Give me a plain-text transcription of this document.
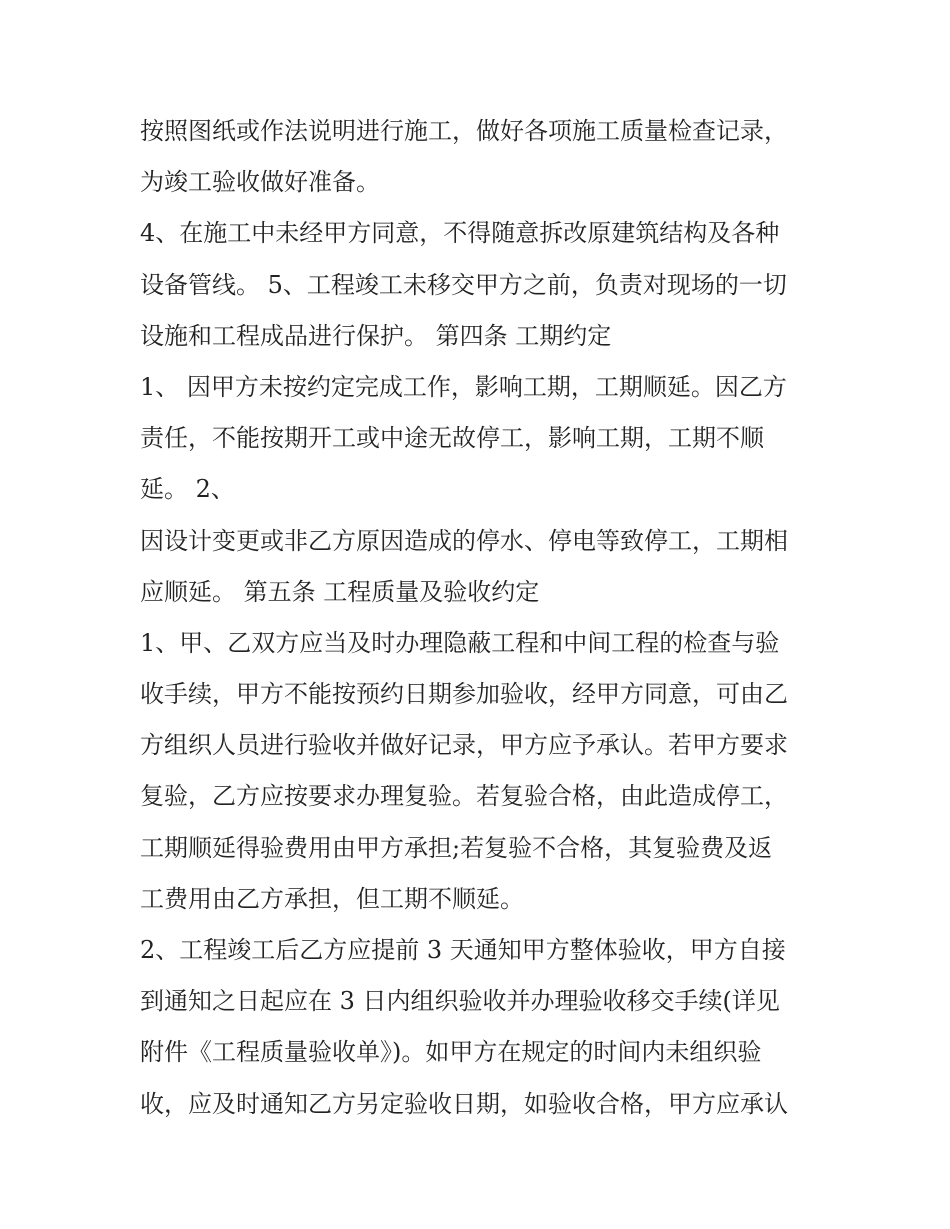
按照图纸或作法说明进行施工，做好各项施工质量检查记录，
为竣工验收做好准备。
4、在施工中未经甲方同意，不得随意拆改原建筑结构及各种
设备管线。 5、工程竣工未移交甲方之前，负责对现场的一切
设施和工程成品进行保护。 第四条 工期约定
1、 因甲方未按约定完成工作，影响工期，工期顺延。因乙方
责任，不能按期开工或中途无故停工，影响工期，工期不顺
延。 2、
因设计变更或非乙方原因造成的停水、停电等致停工，工期相
应顺延。 第五条 工程质量及验收约定
1、甲、乙双方应当及时办理隐蔽工程和中间工程的检查与验
收手续，甲方不能按预约日期参加验收，经甲方同意，可由乙
方组织人员进行验收并做好记录，甲方应予承认。若甲方要求
复验，乙方应按要求办理复验。若复验合格，由此造成停工，
工期顺延得验费用由甲方承担;若复验不合格，其复验费及返
工费用由乙方承担，但工期不顺延。
2、工程竣工后乙方应提前 3 天通知甲方整体验收，甲方自接
到通知之日起应在 3 日内组织验收并办理验收移交手续(详见
附件《工程质量验收单》)。如甲方在规定的时间内未组织验
收，应及时通知乙方另定验收日期，如验收合格，甲方应承认
